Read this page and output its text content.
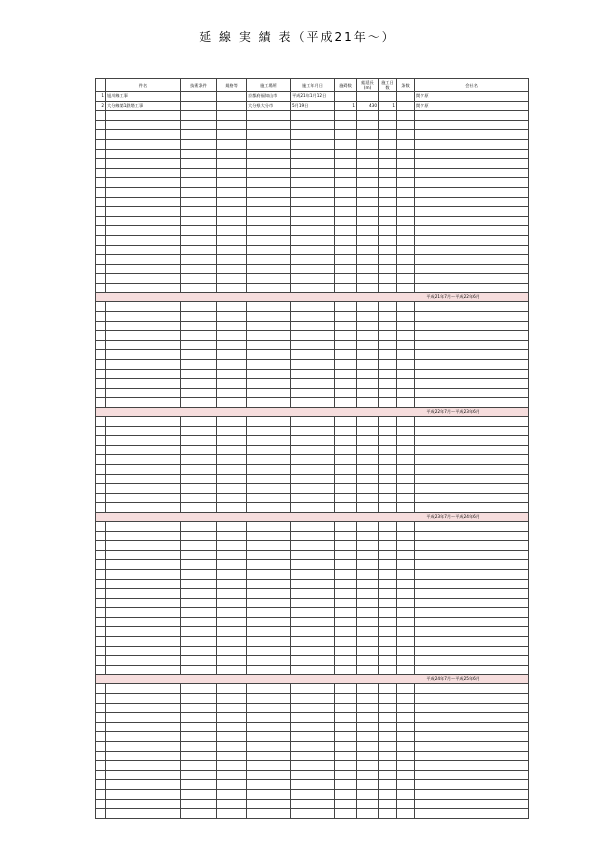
延 線 実 績 表（平成21年～）
	件名	技術条件	規格等	施工場所	施工年月日	施碍数	総延長(m)	施工日数	条数	会社名
1	旭川線工事			京都府福知山市	平成21年1月12日					関ケ原
2	大分線第1鉄塔工事			大分県大分市	5月19日	1	430	1		関ケ原

平成21年7月～平成22年6月										

平成22年7月～平成23年6月										

平成23年7月～平成24年6月										

平成24年7月～平成25年6月										
